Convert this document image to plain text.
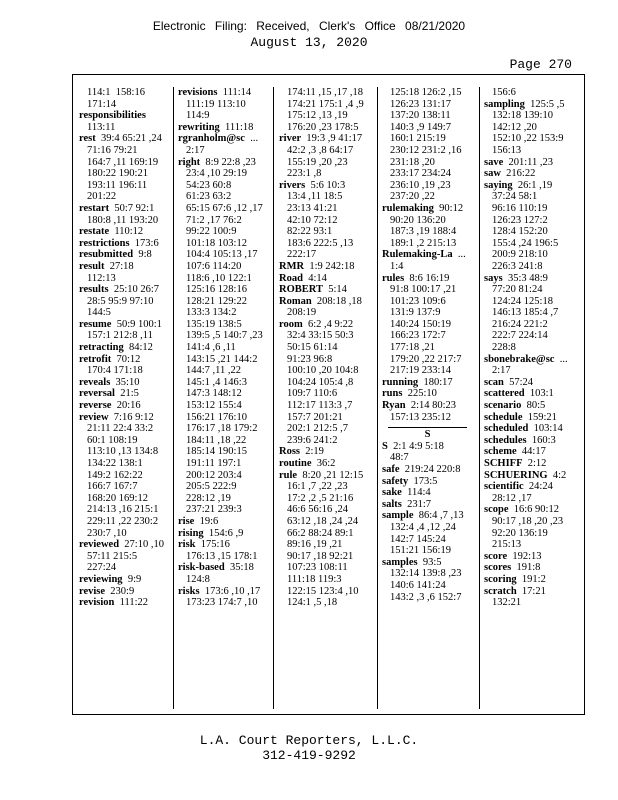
Electronic Filing: Received, Clerk's Office 08/21/2020
August 13, 2020
Page 270
114:1  158:16
171:14
responsibilities
113:11
rest 39:4 65:21 ,24
71:16 79:21
164:7 ,11 169:19
180:22 190:21
193:11 196:11
201:22
restart 50:7 92:1
180:8 ,11 193:20
restate 110:12
restrictions 173:6
resubmitted 9:8
result 27:18
112:13
results 25:10 26:7
28:5 95:9 97:10
144:5
resume 50:9 100:1
157:1 212:8 ,11
retracting 84:12
retrofit 70:12
170:4 171:18
reveals 35:10
reversal 21:5
reverse 20:16
review 7:16 9:12
21:11 22:4 33:2
60:1 108:19
113:10 ,13 134:8
134:22 138:1
149:2 162:22
166:7 167:7
168:20 169:12
214:13 ,16 215:1
229:11 ,22 230:2
230:7 ,10
reviewed 27:10 ,10
57:11 215:5
227:24
reviewing 9:9
revise 230:9
revision 111:22
revisions 111:14
111:19 113:10
114:9
rewriting 111:18
rgranholm@sc ...
2:17
right 8:9 22:8 ,23
23:4 ,10 29:19
54:23 60:8
61:23 63:2
65:15 67:6 ,12 ,17
71:2 ,17 76:2
99:22 100:9
101:18 103:12
104:4 105:13 ,17
107:6 114:20
118:6 ,10 122:1
125:16 128:16
128:21 129:22
133:3 134:2
135:19 138:5
139:5 ,5 140:7 ,23
141:4 ,6 ,11
143:15 ,21 144:2
144:7 ,11 ,22
145:1 ,4 146:3
147:3 148:12
153:12 155:4
156:21 176:10
176:17 ,18 179:2
184:11 ,18 ,22
185:14 190:15
191:11 197:1
200:12 203:4
205:5 222:9
228:12 ,19
237:21 239:3
rise 19:6
rising 154:6 ,9
risk 175:16
176:13 ,15 178:1
risk-based 35:18
124:8
risks 173:6 ,10 ,17
173:23 174:7 ,10
174:11 ,15 ,17 ,18
174:21 175:1 ,4 ,9
175:12 ,13 ,19
176:20 ,23 178:5
river 19:3 ,9 41:17
42:2 ,3 ,8 64:17
155:19 ,20 ,23
223:1 ,8
rivers 5:6 10:3
13:4 ,11 18:5
23:13 41:21
42:10 72:12
82:22 93:1
183:6 222:5 ,13
222:17
RMR 1:9 242:18
Road 4:14
ROBERT 5:14
Roman 208:18 ,18
208:19
room 6:2 ,4 9:22
32:4 33:15 50:3
50:15 61:14
91:23 96:8
100:10 ,20 104:8
104:24 105:4 ,8
109:7 110:6
112:17 113:3 ,7
157:7 201:21
202:1 212:5 ,7
239:6 241:2
Ross 2:19
routine 36:2
rule 8:20 ,21 12:15
16:1 ,7 ,22 ,23
17:2 ,2 ,5 21:16
46:6 56:16 ,24
63:12 ,18 ,24 ,24
66:2 88:24 89:1
89:16 ,19 ,21
90:17 ,18 92:21
107:23 108:11
111:18 119:3
122:15 123:4 ,10
124:1 ,5 ,18
125:18 126:2 ,15
126:23 131:17
137:20 138:11
140:3 ,9 149:7
160:1 215:19
230:12 231:2 ,16
231:18 ,20
233:17 234:24
236:10 ,19 ,23
237:20 ,22
rulemaking 90:12
90:20 136:20
187:3 ,19 188:4
189:1 ,2 215:13
Rulemaking-La ...
1:4
rules 8:6 16:19
91:8 100:17 ,21
101:23 109:6
131:9 137:9
140:24 150:19
166:23 172:7
177:18 ,21
179:20 ,22 217:7
217:19 233:14
running 180:17
runs 225:10
Ryan 2:14 80:23
157:13 235:12
S
S 2:1 4:9 5:18
48:7
safe 219:24 220:8
safety 173:5
sake 114:4
salts 231:7
sample 86:4 ,7 ,13
132:4 ,4 ,12 ,24
142:7 145:24
151:21 156:19
samples 93:5
132:14 139:8 ,23
140:6 141:24
143:2 ,3 ,6 152:7
156:6
sampling 125:5 ,5
132:18 139:10
142:12 ,20
152:10 ,22 153:9
156:13
save 201:11 ,23
saw 216:22
saying 26:1 ,19
37:24 58:1
96:16 110:19
126:23 127:2
128:4 152:20
155:4 ,24 196:5
200:9 218:10
226:3 241:8
says 35:3 48:9
77:20 81:24
124:24 125:18
146:13 185:4 ,7
216:24 221:2
222:7 224:14
228:8
sbonebrake@sc ...
2:17
scan 57:24
scattered 103:1
scenario 80:5
schedule 159:21
scheduled 103:14
schedules 160:3
scheme 44:17
SCHIFF 2:12
SCHUERING 4:2
scientific 24:24
28:12 ,17
scope 16:6 90:12
90:17 ,18 ,20 ,23
92:20 136:19
215:13
score 192:13
scores 191:8
scoring 191:2
scratch 17:21
132:21
L.A. Court Reporters, L.L.C.
312-419-9292
